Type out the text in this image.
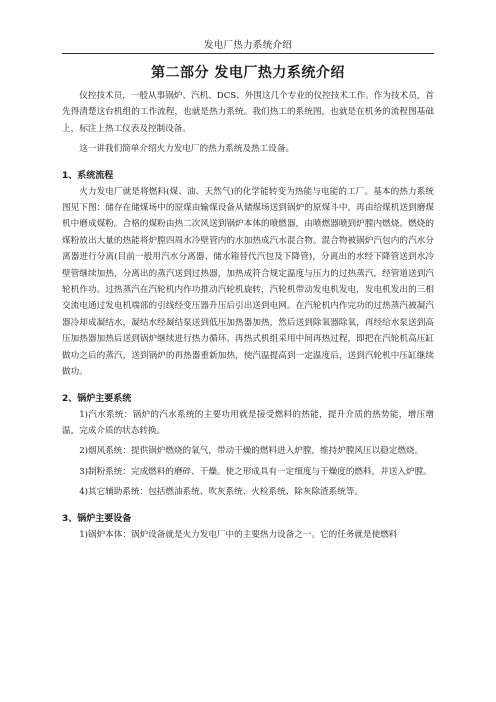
发电厂热力系统介绍
第二部分 发电厂热力系统介绍

仪控技术员，一般从事锅炉、汽机、DCS、外围这几个专业的仪控技术工作。作为技术员，首先得清楚这台机组的工作流程，也就是热力系统。我们热工的系统图，也就是在机务的流程图基础上，标注上热工仪表及控制设备。

这一讲我们简单介绍火力发电厂的热力系统及热工设备。

1、系统流程

火力发电厂就是将燃料(煤、油、天然气)的化学能转变为热能与电能的工厂。基本的热力系统图见下图：储存在储煤场中的原煤由输煤设备从储煤场送到锅炉的原煤斗中，再由给煤机送到磨煤机中磨成煤粉。合格的煤粉由热二次风送到锅炉本体的喷燃器，由喷燃器喷到炉膛内燃烧。燃烧的煤粉放出大量的热能将炉膛四周水冷壁管内的水加热成汽水混合物。混合物被锅炉汽包内的汽水分离器进行分离(目前一般用汽水分离器、储水箱替代汽包及下降管)，分离出的水经下降管送到水冷壁管继续加热，分离出的蒸汽送到过热器，加热成符合规定温度与压力的过热蒸汽，经管道送到汽轮机作功。过热蒸汽在汽轮机内作功推动汽轮机旋转，汽轮机带动发电机发电，发电机发出的三相交流电通过发电机端部的引线经变压器升压后引出送到电网。在汽轮机内作完功的过热蒸汽被凝汽器冷却成凝结水，凝结水经凝结泵送到低压加热器加热，然后送到除氧器除氧，再经给水泵送到高压加热器加热后送到锅炉继续进行热力循环。再热式机组采用中间再热过程，即把在汽轮机高压缸做功之后的蒸汽，送到锅炉的再热器重新加热，使汽温提高到一定温度后，送到汽轮机中压缸继续做功。

2、锅炉主要系统

1)汽水系统：锅炉的汽水系统的主要功用就是接受燃料的热能，提升介质的热势能，增压增温，完成介质的状态转换。

2)烟风系统：提供锅炉燃烧的氧气，带动干燥的燃料进入炉膛，维持炉膛风压以稳定燃烧。

3)制粉系统：完成燃料的磨碎、干燥。使之形成具有一定细度与干燥度的燃料，并送入炉膛。

4)其它辅助系统：包括燃油系统、吹灰系统、火检系统、除灰除渣系统等。

3、锅炉主要设备

1)锅炉本体：锅炉设备就是火力发电厂中的主要热力设备之一。它的任务就是使燃料
